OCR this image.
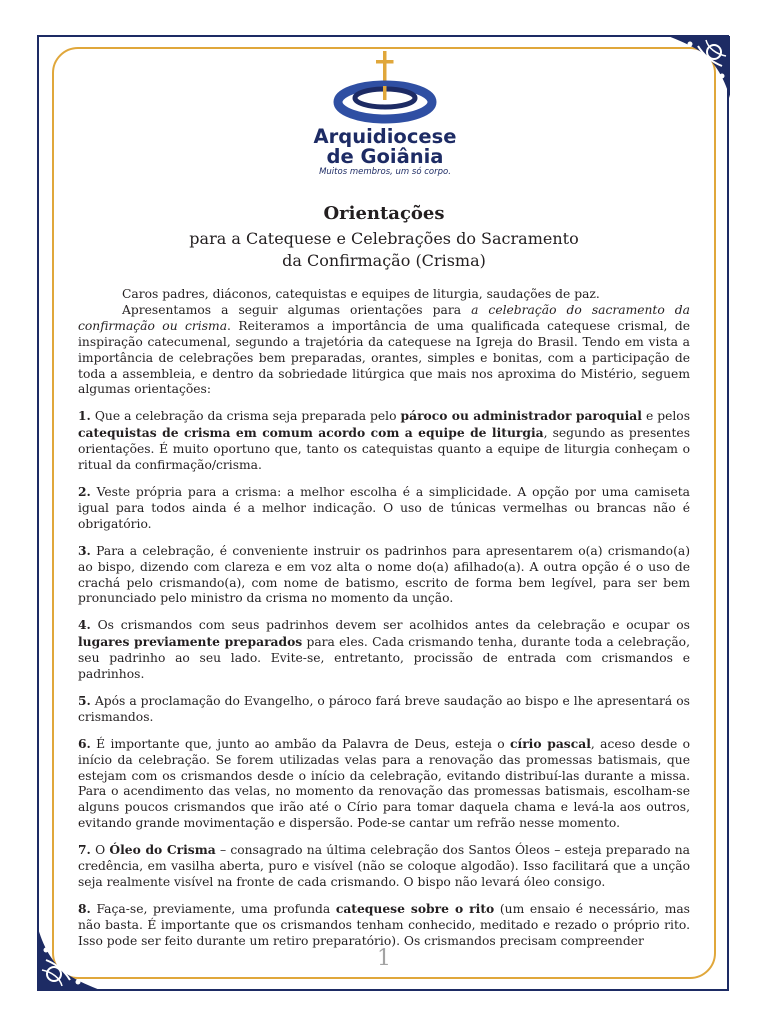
Arquidiocese
de Goiânia
Muitos membros, um só corpo.
Orientações
para a Catequese e Celebrações do Sacramento
da Confirmação (Crisma)

Caros padres, diáconos, catequistas e equipes de liturgia, saudações de paz.

Apresentamos a seguir algumas orientações para a celebração do sacramento da confirmação ou crisma. Reiteramos a importância de uma qualificada catequese crismal, de inspiração catecumenal, segundo a trajetória da catequese na Igreja do Brasil. Tendo em vista a importância de celebrações bem preparadas, orantes, simples e bonitas, com a participação de toda a assembleia, e dentro da sobriedade litúrgica que mais nos aproxima do Mistério, seguem algumas orientações:

1. Que a celebração da crisma seja preparada pelo pároco ou administrador paroquial e pelos catequistas de crisma em comum acordo com a equipe de liturgia, segundo as presentes orientações. É muito oportuno que, tanto os catequistas quanto a equipe de liturgia conheçam o ritual da confirmação/crisma.

2. Veste própria para a crisma: a melhor escolha é a simplicidade. A opção por uma camiseta igual para todos ainda é a melhor indicação. O uso de túnicas vermelhas ou brancas não é obrigatório.

3. Para a celebração, é conveniente instruir os padrinhos para apresentarem o(a) crismando(a) ao bispo, dizendo com clareza e em voz alta o nome do(a) afilhado(a). A outra opção é o uso de crachá pelo crismando(a), com nome de batismo, escrito de forma bem legível, para ser bem pronunciado pelo ministro da crisma no momento da unção.

4. Os crismandos com seus padrinhos devem ser acolhidos antes da celebração e ocupar os lugares previamente preparados para eles. Cada crismando tenha, durante toda a celebração, seu padrinho ao seu lado. Evite-se, entretanto, procissão de entrada com crismandos e padrinhos.

5. Após a proclamação do Evangelho, o pároco fará breve saudação ao bispo e lhe apresentará os crismandos.

6. É importante que, junto ao ambão da Palavra de Deus, esteja o círio pascal, aceso desde o início da celebração. Se forem utilizadas velas para a renovação das promessas batismais, que estejam com os crismandos desde o início da celebração, evitando distribuí-las durante a missa. Para o acendimento das velas, no momento da renovação das promessas batismais, escolham-se alguns poucos crismandos que irão até o Círio para tomar daquela chama e levá-la aos outros, evitando grande movimentação e dispersão. Pode-se cantar um refrão nesse momento.

7. O Óleo do Crisma – consagrado na última celebração dos Santos Óleos – esteja preparado na credência, em vasilha aberta, puro e visível (não se coloque algodão). Isso facilitará que a unção seja realmente visível na fronte de cada crismando. O bispo não levará óleo consigo.

8. Faça-se, previamente, uma profunda catequese sobre o rito (um ensaio é necessário, mas não basta. É importante que os crismandos tenham conhecido, meditado e rezado o próprio rito. Isso pode ser feito durante um retiro preparatório). Os crismandos precisam compreender

1
